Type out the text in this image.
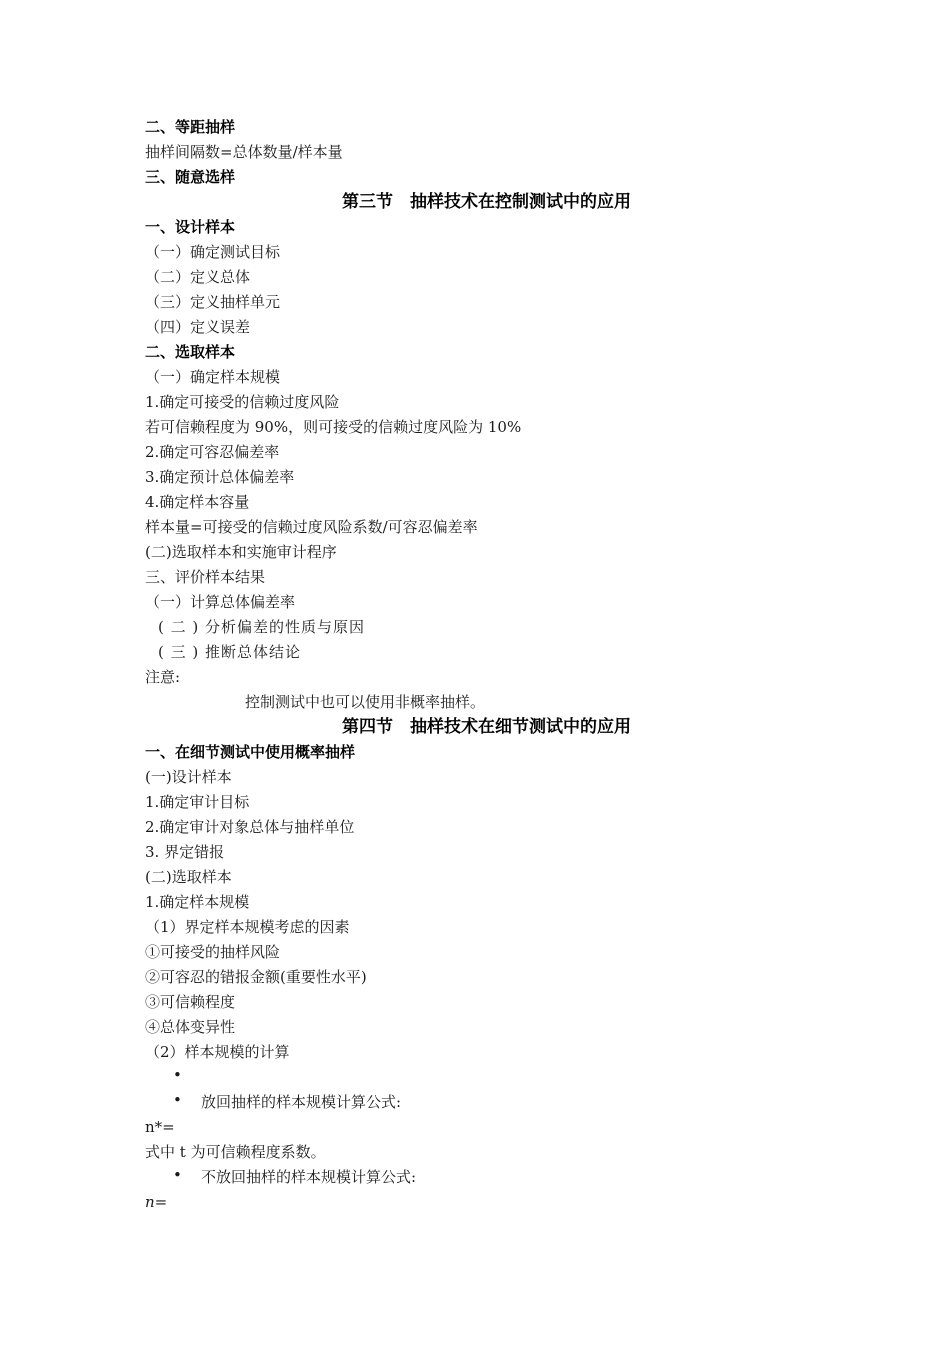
二、等距抽样
抽样间隔数=总体数量/样本量
三、随意选样
第三节　抽样技术在控制测试中的应用
一、设计样本
（一）确定测试目标
（二）定义总体
（三）定义抽样单元
（四）定义误差
二、选取样本
（一）确定样本规模
1.确定可接受的信赖过度风险
若可信赖程度为 90%，则可接受的信赖过度风险为 10%
2.确定可容忍偏差率
3.确定预计总体偏差率
4.确定样本容量
样本量=可接受的信赖过度风险系数/可容忍偏差率
(二)选取样本和实施审计程序
三、评价样本结果
（一）计算总体偏差率
( 二 ) 分析偏差的性质与原因
( 三 ) 推断总体结论
注意:
控制测试中也可以使用非概率抽样。
第四节　抽样技术在细节测试中的应用
一、在细节测试中使用概率抽样
(一)设计样本
1.确定审计目标
2.确定审计对象总体与抽样单位
3. 界定错报
(二)选取样本
1.确定样本规模
（1）界定样本规模考虑的因素
①可接受的抽样风险
②可容忍的错报金额(重要性水平)
③可信赖程度
④总体变异性
（2）样本规模的计算
•
• 放回抽样的样本规模计算公式:
n*=
式中 t 为可信赖程度系数。
• 不放回抽样的样本规模计算公式:
n=
